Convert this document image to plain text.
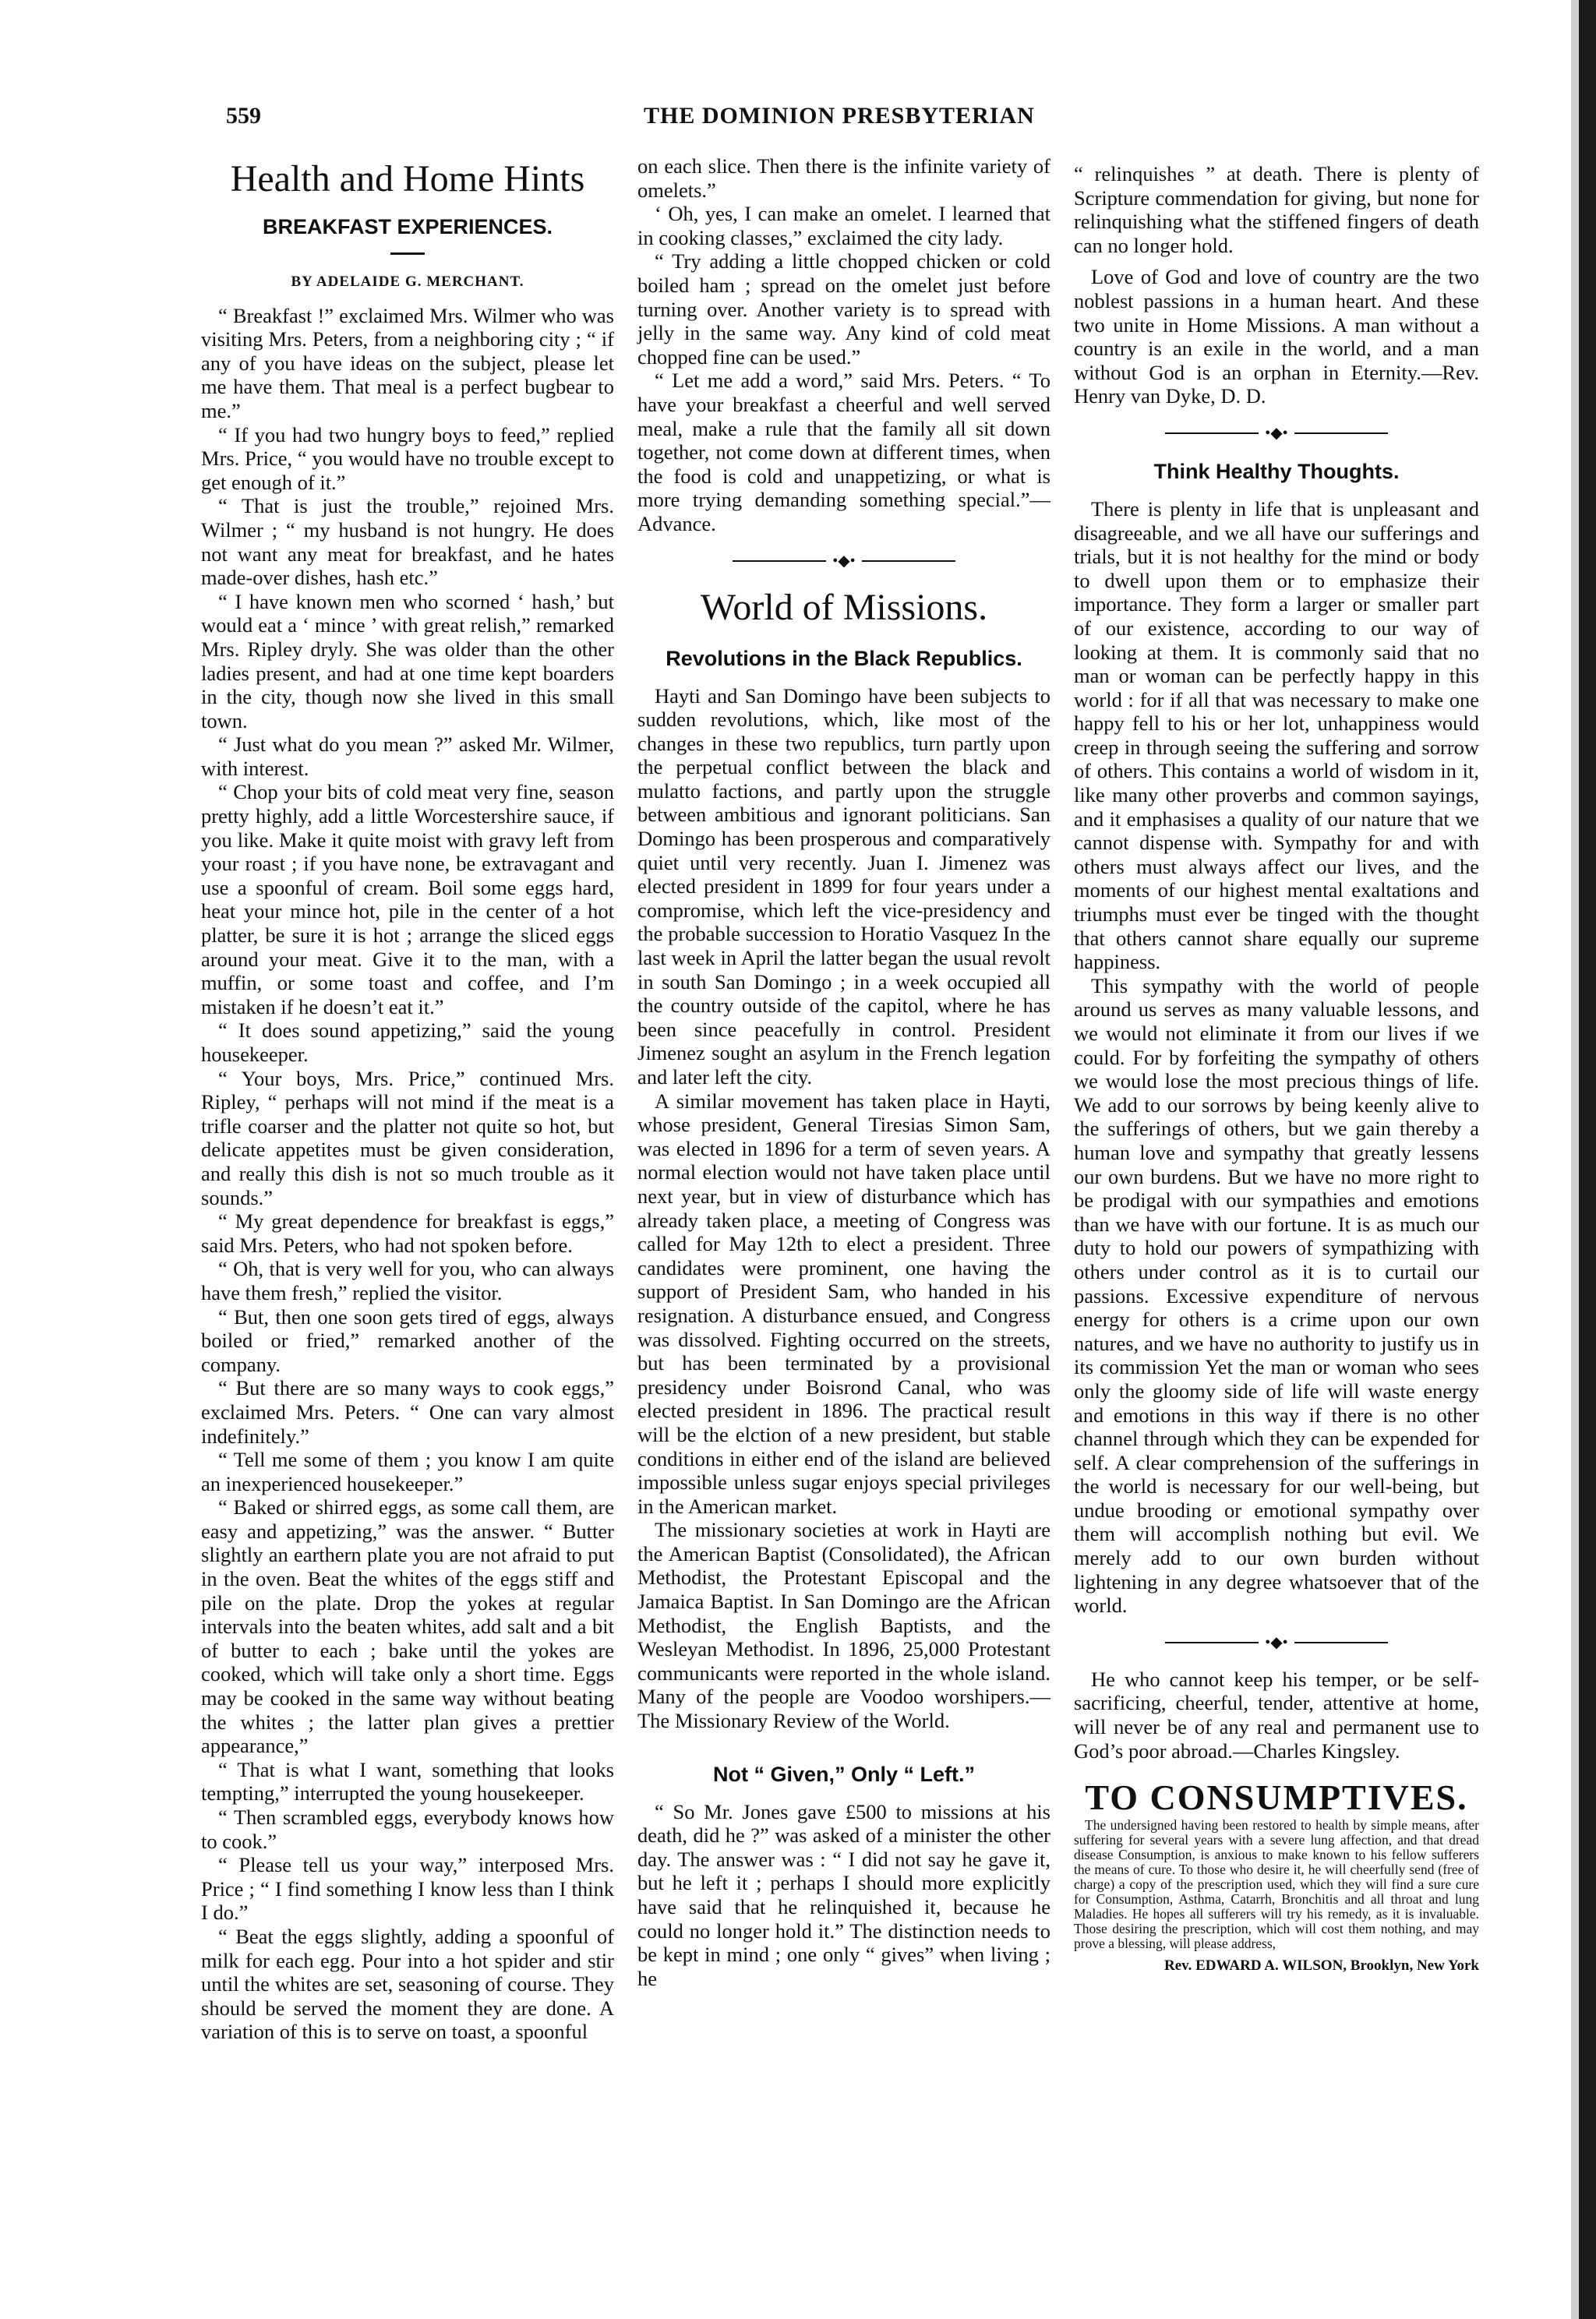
559	THE DOMINION PRESBYTERIAN
Health and Home Hints
BREAKFAST EXPERIENCES.

BY ADELAIDE G. MERCHANT.

“ Breakfast !” exclaimed Mrs. Wilmer who was visiting Mrs. Peters, from a neighboring city ; “ if any of you have ideas on the subject, please let me have them. That meal is a perfect bugbear to me.”

“ If you had two hungry boys to feed,” replied Mrs. Price, “ you would have no trouble except to get enough of it.”

“ That is just the trouble,” rejoined Mrs. Wilmer ; “ my husband is not hungry. He does not want any meat for breakfast, and he hates made-over dishes, hash etc.”

“ I have known men who scorned ‘ hash,’ but would eat a ‘ mince ’ with great relish,” remarked Mrs. Ripley dryly. She was older than the other ladies present, and had at one time kept boarders in the city, though now she lived in this small town.

“ Just what do you mean ?” asked Mr. Wilmer, with interest.

“ Chop your bits of cold meat very fine, season pretty highly, add a little Worcestershire sauce, if you like. Make it quite moist with gravy left from your roast ; if you have none, be extravagant and use a spoonful of cream. Boil some eggs hard, heat your mince hot, pile in the center of a hot platter, be sure it is hot ; arrange the sliced eggs around your meat. Give it to the man, with a muffin, or some toast and coffee, and I’m mistaken if he doesn’t eat it.”

“ It does sound appetizing,” said the young housekeeper.

“ Your boys, Mrs. Price,” continued Mrs. Ripley, “ perhaps will not mind if the meat is a trifle coarser and the platter not quite so hot, but delicate appetites must be given consideration, and really this dish is not so much trouble as it sounds.”

“ My great dependence for breakfast is eggs,” said Mrs. Peters, who had not spoken before.

“ Oh, that is very well for you, who can always have them fresh,” replied the visitor.

“ But, then one soon gets tired of eggs, always boiled or fried,” remarked another of the company.

“ But there are so many ways to cook eggs,” exclaimed Mrs. Peters. “ One can vary almost indefinitely.”

“ Tell me some of them ; you know I am quite an inexperienced housekeeper.”

“ Baked or shirred eggs, as some call them, are easy and appetizing,” was the answer. “ Butter slightly an earthern plate you are not afraid to put in the oven. Beat the whites of the eggs stiff and pile on the plate. Drop the yokes at regular intervals into the beaten whites, add salt and a bit of butter to each ; bake until the yokes are cooked, which will take only a short time. Eggs may be cooked in the same way without beating the whites ; the latter plan gives a prettier appearance,”

“ That is what I want, something that looks tempting,” interrupted the young housekeeper.

“ Then scrambled eggs, everybody knows how to cook.”

“ Please tell us your way,” interposed Mrs. Price ; “ I find something I know less than I think I do.”

“ Beat the eggs slightly, adding a spoonful of milk for each egg. Pour into a hot spider and stir until the whites are set, seasoning of course. They should be served the moment they are done. A variation of this is to serve on toast, a spoonful

on each slice. Then there is the infinite variety of omelets.”

‘ Oh, yes, I can make an omelet. I learned that in cooking classes,” exclaimed the city lady.

“ Try adding a little chopped chicken or cold boiled ham ; spread on the omelet just before turning over. Another variety is to spread with jelly in the same way. Any kind of cold meat chopped fine can be used.”

“ Let me add a word,” said Mrs. Peters. “ To have your breakfast a cheerful and well served meal, make a rule that the family all sit down together, not come down at different times, when the food is cold and unappetizing, or what is more trying demanding something special.”—Advance.

•◆•
World of Missions.
Revolutions in the Black Republics.

Hayti and San Domingo have been subjects to sudden revolutions, which, like most of the changes in these two republics, turn partly upon the perpetual conflict between the black and mulatto factions, and partly upon the struggle between ambitious and ignorant politicians. San Domingo has been prosperous and comparatively quiet until very recently. Juan I. Jimenez was elected president in 1899 for four years under a compromise, which left the vice-presidency and the probable succession to Horatio Vasquez In the last week in April the latter began the usual revolt in south San Domingo ; in a week occupied all the country outside of the capitol, where he has been since peacefully in control. President Jimenez sought an asylum in the French legation and later left the city.

A similar movement has taken place in Hayti, whose president, General Tiresias Simon Sam, was elected in 1896 for a term of seven years. A normal election would not have taken place until next year, but in view of disturbance which has already taken place, a meeting of Congress was called for May 12th to elect a president. Three candidates were prominent, one having the support of President Sam, who handed in his resignation. A disturbance ensued, and Congress was dissolved. Fighting occurred on the streets, but has been terminated by a provisional presidency under Boisrond Canal, who was elected president in 1896. The practical result will be the elction of a new president, but stable conditions in either end of the island are believed impossible unless sugar enjoys special privileges in the American market.

The missionary societies at work in Hayti are the American Baptist (Consolidated), the African Methodist, the Protestant Episcopal and the Jamaica Baptist. In San Domingo are the African Methodist, the English Baptists, and the Wesleyan Methodist. In 1896, 25,000 Protestant communicants were reported in the whole island. Many of the people are Voodoo worshipers.—The Missionary Review of the World.

Not “ Given,” Only “ Left.”

“ So Mr. Jones gave £500 to missions at his death, did he ?” was asked of a minister the other day. The answer was : “ I did not say he gave it, but he left it ; perhaps I should more explicitly have said that he relinquished it, because he could no longer hold it.” The distinction needs to be kept in mind ; one only “ gives” when living ; he

“ relinquishes ” at death. There is plenty of Scripture commendation for giving, but none for relinquishing what the stiffened fingers of death can no longer hold.

Love of God and love of country are the two noblest passions in a human heart. And these two unite in Home Missions. A man without a country is an exile in the world, and a man without God is an orphan in Eternity.—Rev. Henry van Dyke, D. D.

•◆•
Think Healthy Thoughts.

There is plenty in life that is unpleasant and disagreeable, and we all have our sufferings and trials, but it is not healthy for the mind or body to dwell upon them or to emphasize their importance. They form a larger or smaller part of our existence, according to our way of looking at them. It is commonly said that no man or woman can be perfectly happy in this world : for if all that was necessary to make one happy fell to his or her lot, unhappiness would creep in through seeing the suffering and sorrow of others. This contains a world of wisdom in it, like many other proverbs and common sayings, and it emphasises a quality of our nature that we cannot dispense with. Sympathy for and with others must always affect our lives, and the moments of our highest mental exaltations and triumphs must ever be tinged with the thought that others cannot share equally our supreme happiness.

This sympathy with the world of people around us serves as many valuable lessons, and we would not eliminate it from our lives if we could. For by forfeiting the sympathy of others we would lose the most precious things of life. We add to our sorrows by being keenly alive to the sufferings of others, but we gain thereby a human love and sympathy that greatly lessens our own burdens. But we have no more right to be prodigal with our sympathies and emotions than we have with our fortune. It is as much our duty to hold our powers of sympathizing with others under control as it is to curtail our passions. Excessive expenditure of nervous energy for others is a crime upon our own natures, and we have no authority to justify us in its commission Yet the man or woman who sees only the gloomy side of life will waste energy and emotions in this way if there is no other channel through which they can be expended for self. A clear comprehension of the sufferings in the world is necessary for our well-being, but undue brooding or emotional sympathy over them will accomplish nothing but evil. We merely add to our own burden without lightening in any degree whatsoever that of the world.

•◆•

He who cannot keep his temper, or be self-sacrificing, cheerful, tender, attentive at home, will never be of any real and permanent use to God’s poor abroad.—Charles Kingsley.

TO CONSUMPTIVES.

The undersigned having been restored to health by simple means, after suffering for several years with a severe lung affection, and that dread disease Consumption, is anxious to make known to his fellow sufferers the means of cure. To those who desire it, he will cheerfully send (free of charge) a copy of the prescription used, which they will find a sure cure for Consumption, Asthma, Catarrh, Bronchitis and all throat and lung Maladies. He hopes all sufferers will try his remedy, as it is invaluable. Those desiring the prescription, which will cost them nothing, and may prove a blessing, will please address,

Rev. EDWARD A. WILSON, Brooklyn, New York
